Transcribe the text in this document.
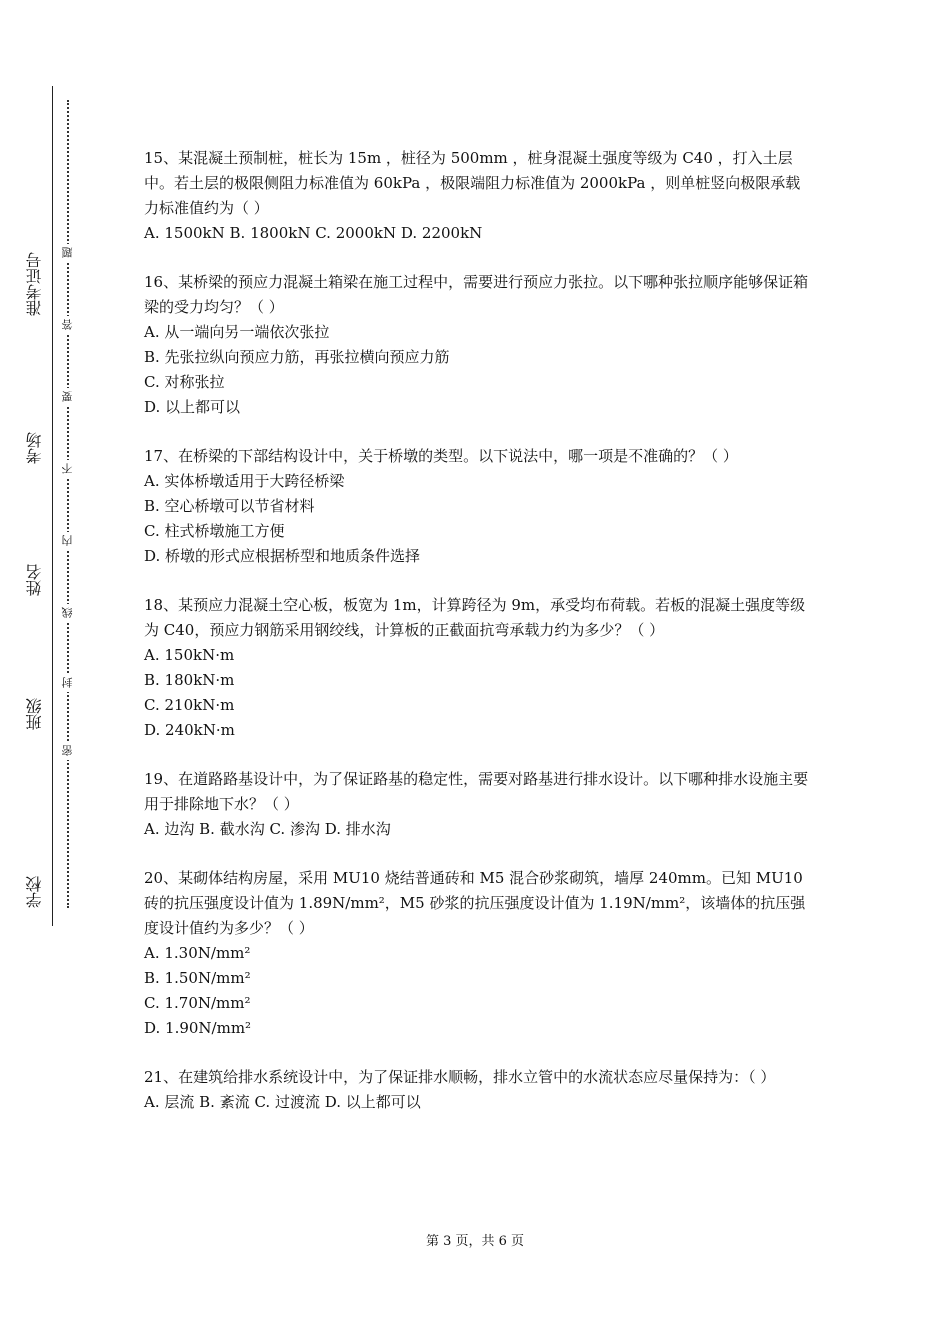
学校
班级
姓名
考场
准考证号
密
封
线
内
不
要
答
题

15、某混凝土预制桩，桩长为 15m ，桩径为 500mm ，桩身混凝土强度等级为 C40 ，打入土层中。若土层的极限侧阻力标准值为 60kPa ，极限端阻力标准值为 2000kPa ，则单桩竖向极限承载力标准值约为（ ）

A. 1500kN B. 1800kN C. 2000kN D. 2200kN

16、某桥梁的预应力混凝土箱梁在施工过程中，需要进行预应力张拉。以下哪种张拉顺序能够保证箱梁的受力均匀？（ ）

A. 从一端向另一端依次张拉

B. 先张拉纵向预应力筋，再张拉横向预应力筋

C. 对称张拉

D. 以上都可以

17、在桥梁的下部结构设计中，关于桥墩的类型。以下说法中，哪一项是不准确的？（ ）

A. 实体桥墩适用于大跨径桥梁

B. 空心桥墩可以节省材料

C. 柱式桥墩施工方便

D. 桥墩的形式应根据桥型和地质条件选择

18、某预应力混凝土空心板，板宽为 1m，计算跨径为 9m，承受均布荷载。若板的混凝土强度等级为 C40，预应力钢筋采用钢绞线，计算板的正截面抗弯承载力约为多少？（ ）

A. 150kN·m

B. 180kN·m

C. 210kN·m

D. 240kN·m

19、在道路路基设计中，为了保证路基的稳定性，需要对路基进行排水设计。以下哪种排水设施主要用于排除地下水？（ ）

A. 边沟 B. 截水沟 C. 渗沟 D. 排水沟

20、某砌体结构房屋，采用 MU10 烧结普通砖和 M5 混合砂浆砌筑，墙厚 240mm。已知 MU10 砖的抗压强度设计值为 1.89N/mm²，M5 砂浆的抗压强度设计值为 1.19N/mm²，该墙体的抗压强度设计值约为多少？（ ）

A. 1.30N/mm²

B. 1.50N/mm²

C. 1.70N/mm²

D. 1.90N/mm²

21、在建筑给排水系统设计中，为了保证排水顺畅，排水立管中的水流状态应尽量保持为：（ ）

A. 层流 B. 紊流 C. 过渡流 D. 以上都可以

第 3 页，共 6 页
